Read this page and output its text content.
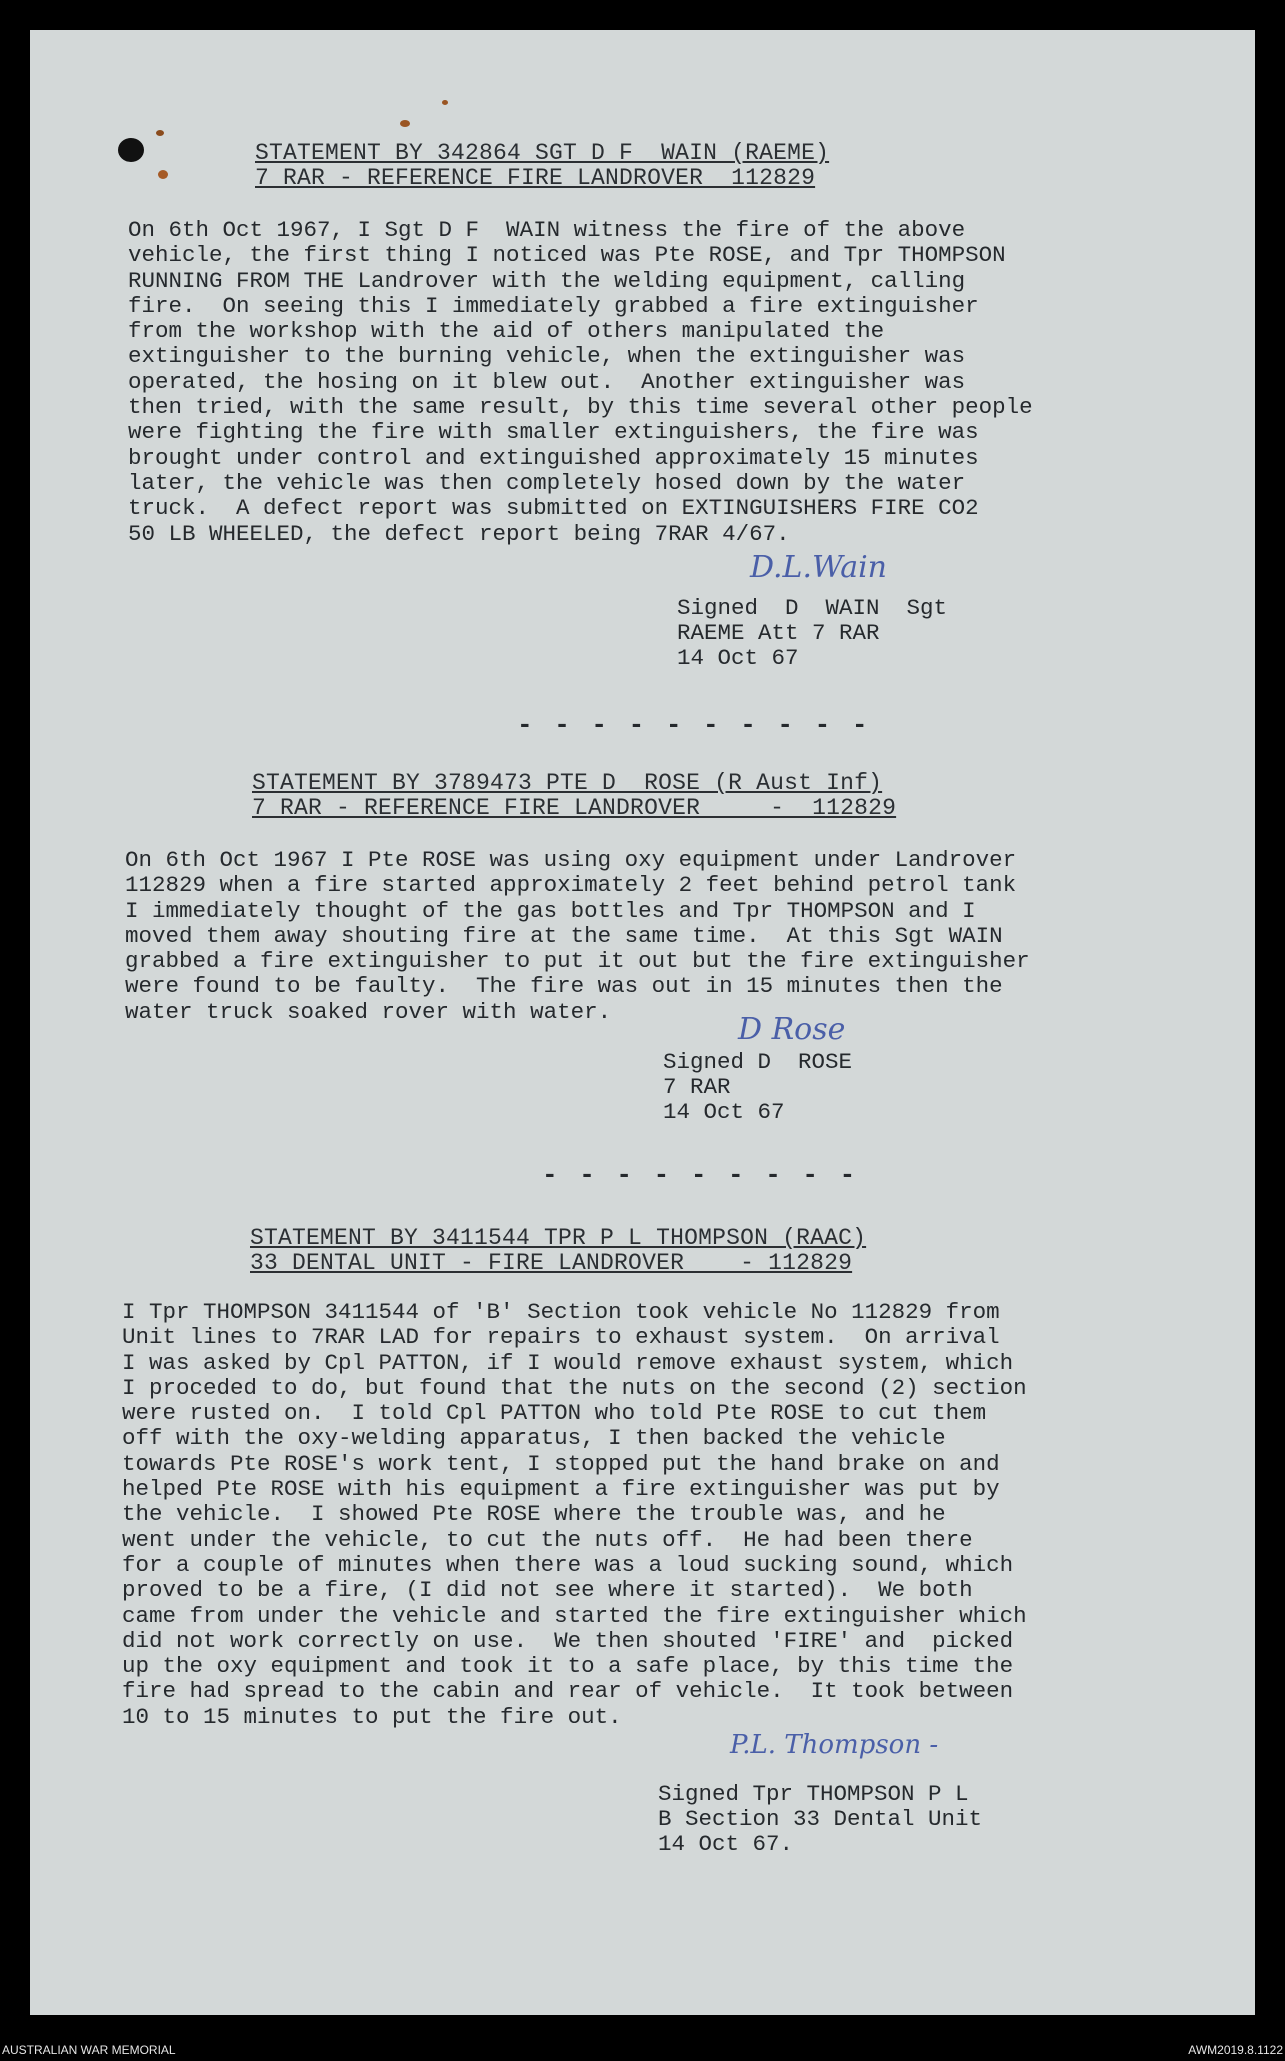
STATEMENT BY 342864 SGT D F  WAIN (RAEME)
7 RAR - REFERENCE FIRE LANDROVER  112829
On 6th Oct 1967, I Sgt D F  WAIN witness the fire of the above
vehicle, the first thing I noticed was Pte ROSE, and Tpr THOMPSON
RUNNING FROM THE Landrover with the welding equipment, calling
fire.  On seeing this I immediately grabbed a fire extinguisher
from the workshop with the aid of others manipulated the
extinguisher to the burning vehicle, when the extinguisher was
operated, the hosing on it blew out.  Another extinguisher was
then tried, with the same result, by this time several other people
were fighting the fire with smaller extinguishers, the fire was
brought under control and extinguished approximately 15 minutes
later, the vehicle was then completely hosed down by the water
truck.  A defect report was submitted on EXTINGUISHERS FIRE CO2
50 LB WHEELED, the defect report being 7RAR 4/67.
D.L.Wain
Signed  D  WAIN  Sgt
RAEME Att 7 RAR
14 Oct 67
- - - - - - - - - -
STATEMENT BY 3789473 PTE D  ROSE (R Aust Inf)
7 RAR - REFERENCE FIRE LANDROVER     -  112829
On 6th Oct 1967 I Pte ROSE was using oxy equipment under Landrover
112829 when a fire started approximately 2 feet behind petrol tank
I immediately thought of the gas bottles and Tpr THOMPSON and I
moved them away shouting fire at the same time.  At this Sgt WAIN
grabbed a fire extinguisher to put it out but the fire extinguisher
were found to be faulty.  The fire was out in 15 minutes then the
water truck soaked rover with water.
D Rose
Signed D  ROSE
7 RAR
14 Oct 67
- - - - - - - - -
STATEMENT BY 3411544 TPR P L THOMPSON (RAAC)
33 DENTAL UNIT - FIRE LANDROVER    - 112829
I Tpr THOMPSON 3411544 of 'B' Section took vehicle No 112829 from
Unit lines to 7RAR LAD for repairs to exhaust system.  On arrival
I was asked by Cpl PATTON, if I would remove exhaust system, which
I proceded to do, but found that the nuts on the second (2) section
were rusted on.  I told Cpl PATTON who told Pte ROSE to cut them
off with the oxy-welding apparatus, I then backed the vehicle
towards Pte ROSE's work tent, I stopped put the hand brake on and
helped Pte ROSE with his equipment a fire extinguisher was put by
the vehicle.  I showed Pte ROSE where the trouble was, and he
went under the vehicle, to cut the nuts off.  He had been there
for a couple of minutes when there was a loud sucking sound, which
proved to be a fire, (I did not see where it started).  We both
came from under the vehicle and started the fire extinguisher which
did not work correctly on use.  We then shouted 'FIRE' and  picked
up the oxy equipment and took it to a safe place, by this time the
fire had spread to the cabin and rear of vehicle.  It took between
10 to 15 minutes to put the fire out.
P.L. Thompson -
Signed Tpr THOMPSON P L
B Section 33 Dental Unit
14 Oct 67.
AUSTRALIAN WAR MEMORIAL	AWM2019.8.1122
